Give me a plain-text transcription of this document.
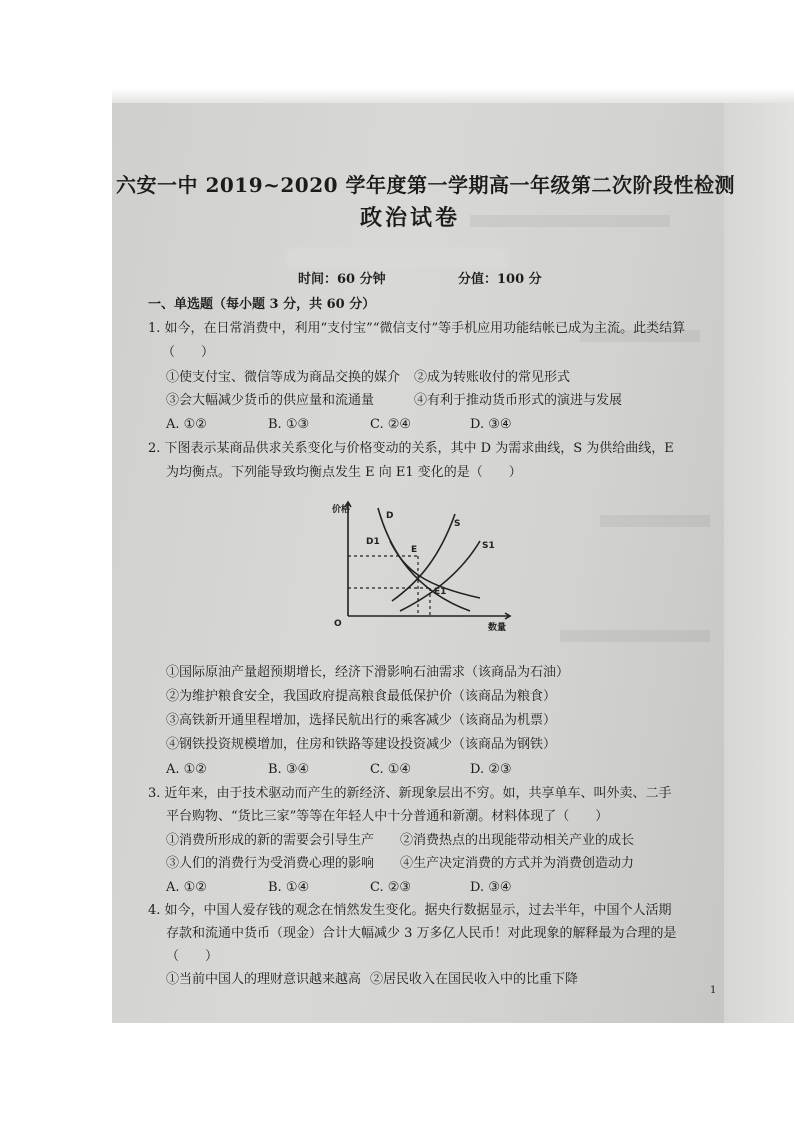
六安一中 2019~2020 学年度第一学期高一年级第二次阶段性检测
政治试卷
时间：60 分钟	分值：100 分
一、单选题（每小题 3 分，共 60 分）
1. 如今，在日常消费中，利用“支付宝”“微信支付”等手机应用功能结帐已成为主流。此类结算
（　　）
①使支付宝、微信等成为商品交换的媒介 ②成为转账收付的常见形式
③会大幅减少货币的供应量和流通量	④有利于推动货币形式的演进与发展
A. ①②	B. ①③	C. ②④	D. ③④
2. 下图表示某商品供求关系变化与价格变动的关系，其中 D 为需求曲线，S 为供给曲线，E
为均衡点。下列能导致均衡点发生 E 向 E1 变化的是（　　）
价格
数量
O
D
D1
S
S1
E
E1
①国际原油产量超预期增长，经济下滑影响石油需求（该商品为石油）
②为维护粮食安全，我国政府提高粮食最低保护价（该商品为粮食）
③高铁新开通里程增加，选择民航出行的乘客减少（该商品为机票）
④钢铁投资规模增加，住房和铁路等建设投资减少（该商品为钢铁）
A. ①②	B. ③④	C. ①④	D. ②③
3. 近年来，由于技术驱动而产生的新经济、新现象层出不穷。如，共享单车、叫外卖、二手
平台购物、“货比三家”等等在年轻人中十分普通和新潮。材料体现了（　　）
①消费所形成的新的需要会引导生产 ②消费热点的出现能带动相关产业的成长
③人们的消费行为受消费心理的影响 ④生产决定消费的方式并为消费创造动力
A. ①②	B. ①④	C. ②③	D. ③④
4. 如今，中国人爱存钱的观念在悄然发生变化。据央行数据显示，过去半年，中国个人活期
存款和流通中货币（现金）合计大幅减少 3 万多亿人民币！对此现象的解释最为合理的是
（　　）
①当前中国人的理财意识越来越高 ②居民收入在国民收入中的比重下降
1
